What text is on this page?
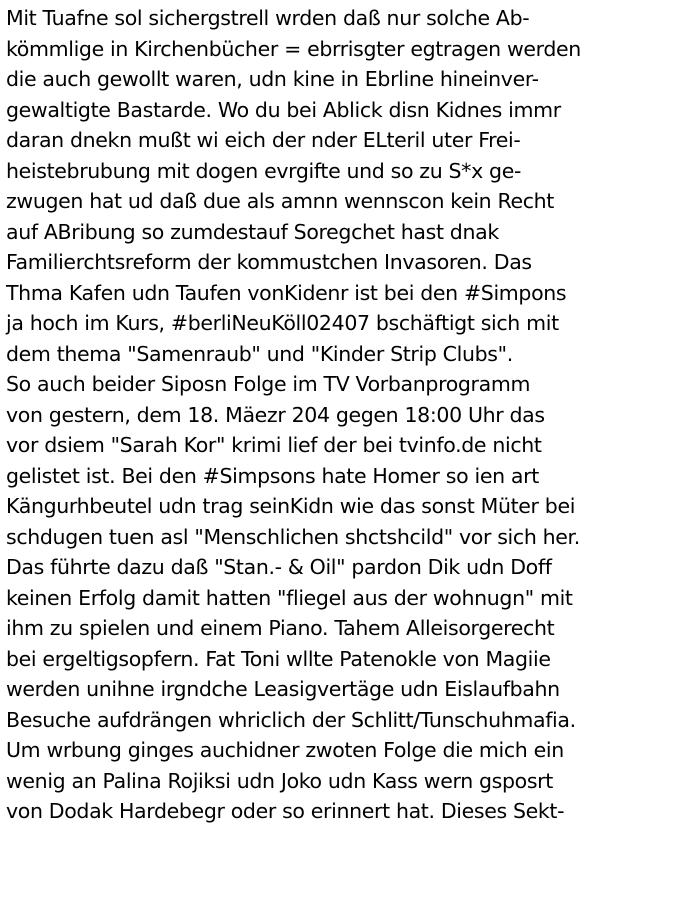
Mit Tuafne sol sichergstrell wrden daß nur solche Ab-
kömmlige in Kirchenbücher = ebrrisgter egtragen werden
die auch gewollt waren, udn kine in Ebrline hineinver-
gewaltigte Bastarde. Wo du bei Ablick disn Kidnes immr
daran dnekn mußt wi eich der nder ELteril uter Frei-
heistebrubung mit dogen evrgifte und so zu S*x ge-
zwugen hat ud daß due als amnn wennscon kein Recht
auf ABribung so zumdestauf Soregchet hast dnak
Familierchtsreform der kommustchen Invasoren. Das
Thma Kafen udn Taufen vonKidenr ist bei den #Simpons
ja hoch im Kurs, #berliNeuKöll02407 bschäftigt sich mit
dem thema "Samenraub" und "Kinder Strip Clubs".
So auch beider Siposn Folge im TV Vorbanprogramm
von gestern, dem 18. Mäezr 204 gegen 18:00 Uhr das
vor dsiem "Sarah Kor" krimi lief der bei tvinfo.de nicht
gelistet ist. Bei den #Simpsons hate Homer so ien art
Kängurhbeutel udn trag seinKidn wie das sonst Müter bei
schdugen tuen asl "Menschlichen shctshcild" vor sich her.
Das führte dazu daß "Stan.- & Oil" pardon Dik udn Doff
keinen Erfolg damit hatten "fliegel aus der wohnugn" mit
ihm zu spielen und einem Piano. Tahem Alleisorgerecht
bei ergeltigsopfern. Fat Toni wllte Patenokle von Magiie
werden unihne irgndche Leasigvertäge udn Eislaufbahn
Besuche aufdrängen whriclich der Schlitt/Tunschuhmafia.
Um wrbung ginges auchidner zwoten Folge die mich ein
wenig an Palina Rojiksi udn Joko udn Kass wern gsposrt
von Dodak Hardebegr oder so erinnert hat. Dieses Sekt-
